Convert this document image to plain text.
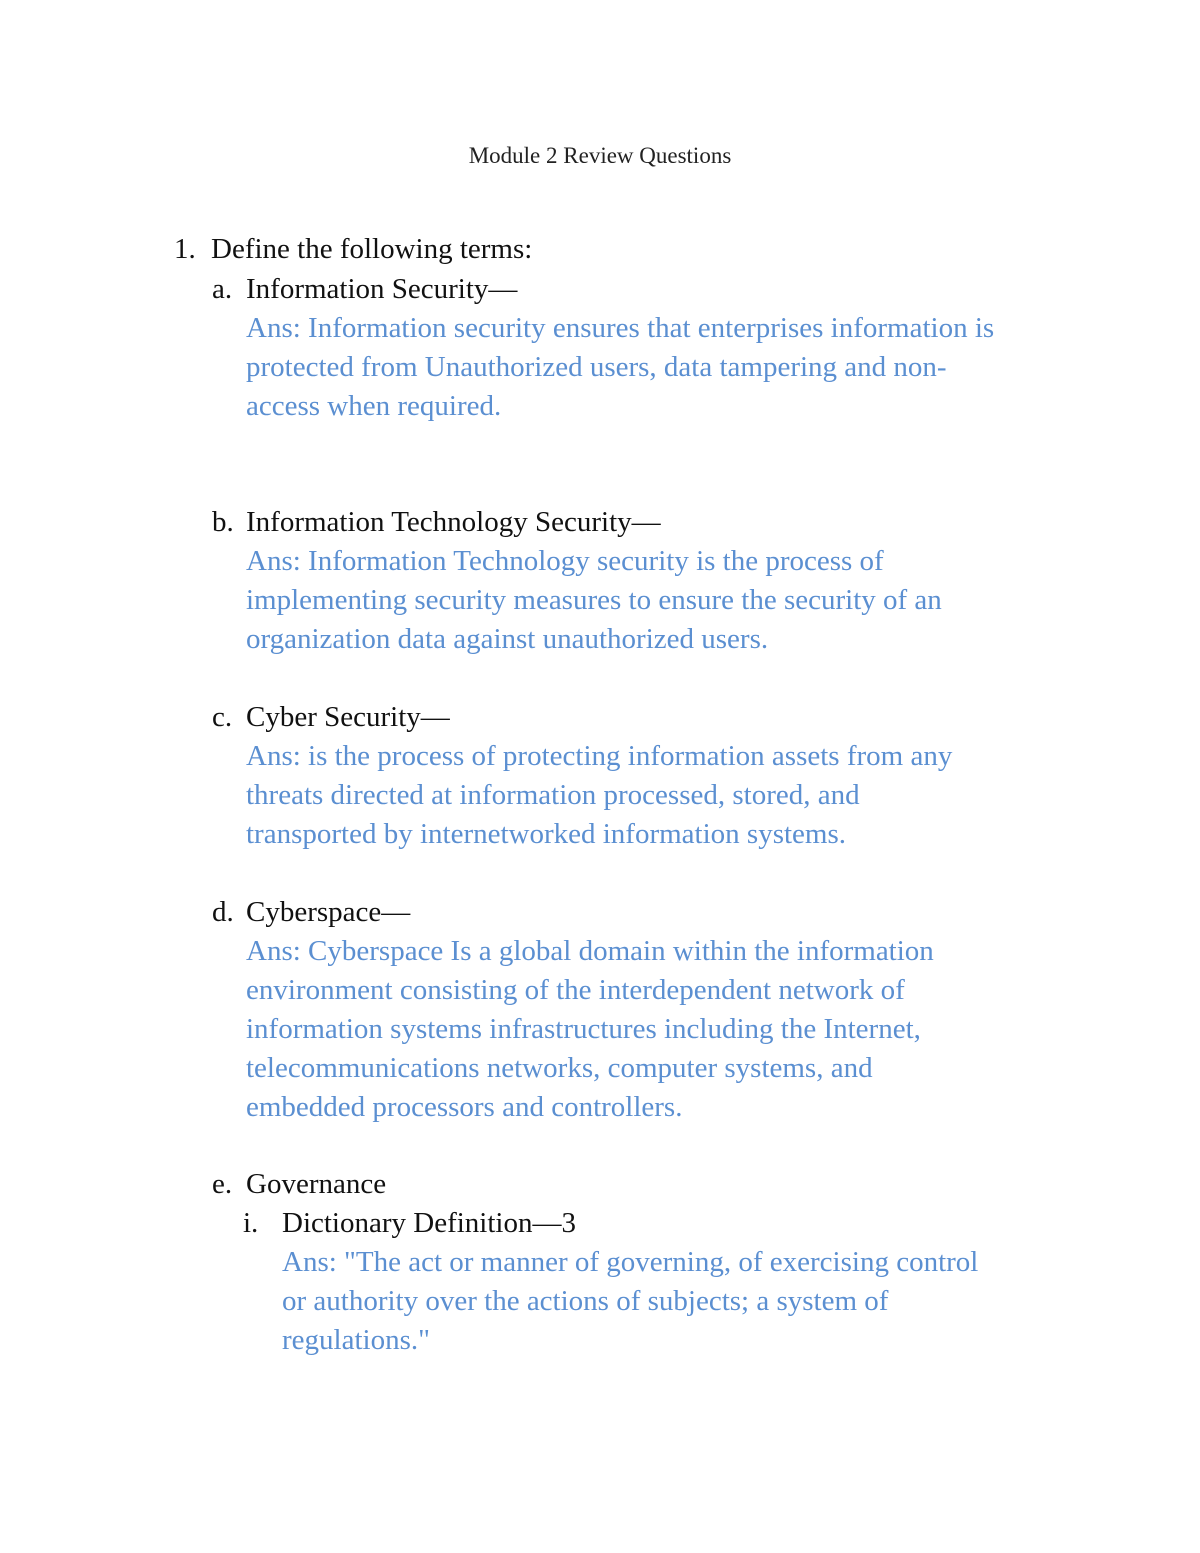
Module 2 Review Questions
1. Define the following terms:
a. Information Security—
Ans: Information security ensures that enterprises information is
protected from Unauthorized users, data tampering and non-
access when required.
b. Information Technology Security—
Ans: Information Technology security is the process of
implementing security measures to ensure the security of an
organization data against unauthorized users.
c. Cyber Security—
Ans: is the process of protecting information assets from any
threats directed at information processed, stored, and
transported by internetworked information systems.
d. Cyberspace—
Ans: Cyberspace Is a global domain within the information
environment consisting of the interdependent network of
information systems infrastructures including the Internet,
telecommunications networks, computer systems, and
embedded processors and controllers.
e. Governance
i. Dictionary Definition—3
Ans: "The act or manner of governing, of exercising control
or authority over the actions of subjects; a system of
regulations."
